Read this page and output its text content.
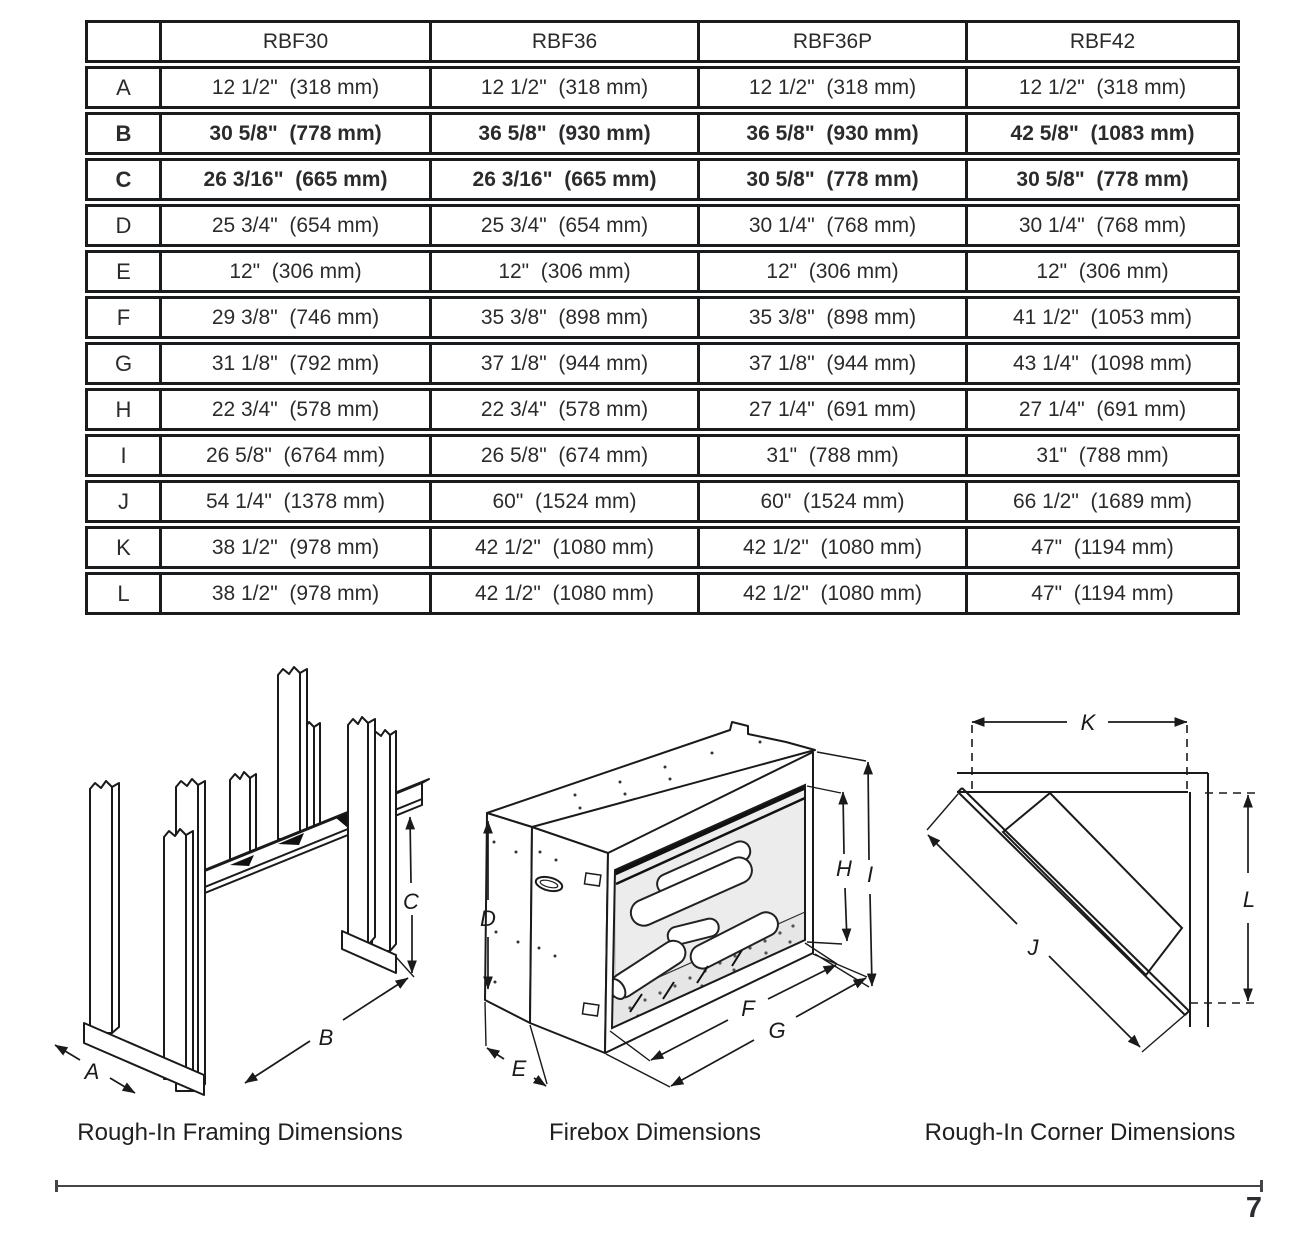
	RBF30	RBF36	RBF36P	RBF42
A	12 1/2"  (318 mm)	12 1/2"  (318 mm)	12 1/2"  (318 mm)	12 1/2"  (318 mm)
B	30 5/8"  (778 mm)	36 5/8"  (930 mm)	36 5/8"  (930 mm)	42 5/8"  (1083 mm)
C	26 3/16"  (665 mm)	26 3/16"  (665 mm)	30 5/8"  (778 mm)	30 5/8"  (778 mm)
D	25 3/4"  (654 mm)	25 3/4"  (654 mm)	30 1/4"  (768 mm)	30 1/4"  (768 mm)
E	12"  (306 mm)	12"  (306 mm)	12"  (306 mm)	12"  (306 mm)
F	29 3/8"  (746 mm)	35 3/8"  (898 mm)	35 3/8"  (898 mm)	41 1/2"  (1053 mm)
G	31 1/8"  (792 mm)	37 1/8"  (944 mm)	37 1/8"  (944 mm)	43 1/4"  (1098 mm)
H	22 3/4"  (578 mm)	22 3/4"  (578 mm)	27 1/4"  (691 mm)	27 1/4"  (691 mm)
I	26 5/8"  (6764 mm)	26 5/8"  (674 mm)	31"  (788 mm)	31"  (788 mm)
J	54 1/4"  (1378 mm)	60"  (1524 mm)	60"  (1524 mm)	66 1/2"  (1689 mm)
K	38 1/2"  (978 mm)	42 1/2"  (1080 mm)	42 1/2"  (1080 mm)	47"  (1194 mm)
L	38 1/2"  (978 mm)	42 1/2"  (1080 mm)	42 1/2"  (1080 mm)	47"  (1194 mm)
A
B
C
D
E
F
G
H I
K
L
J
Rough-In Framing Dimensions	Firebox Dimensions	Rough-In Corner Dimensions
7
